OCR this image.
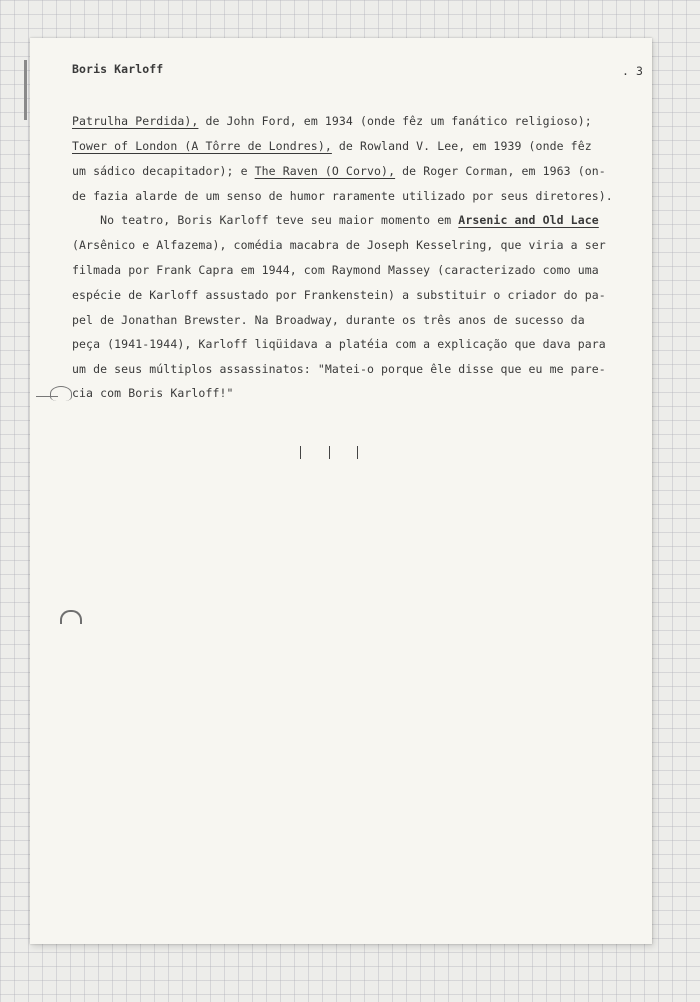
Boris Karloff	. 3
Patrulha Perdida), de John Ford, em 1934 (onde fêz um fanático religioso);
Tower of London (A Tôrre de Londres), de Rowland V. Lee, em 1939 (onde fêz
um sádico decapitador); e The Raven (O Corvo), de Roger Corman, em 1963 (on-
de fazia alarde de um senso de humor raramente utilizado por seus diretores).
No teatro, Boris Karloff teve seu maior momento em Arsenic and Old Lace
(Arsênico e Alfazema), comédia macabra de Joseph Kesselring, que viria a ser
filmada por Frank Capra em 1944, com Raymond Massey (caracterizado como uma
espécie de Karloff assustado por Frankenstein) a substituir o criador do pa-
pel de Jonathan Brewster. Na Broadway, durante os três anos de sucesso da
peça (1941-1944), Karloff liqüidava a platéia com a explicação que dava para
um de seus múltiplos assassinatos: "Matei-o porque êle disse que eu me pare-
cia com Boris Karloff!"
